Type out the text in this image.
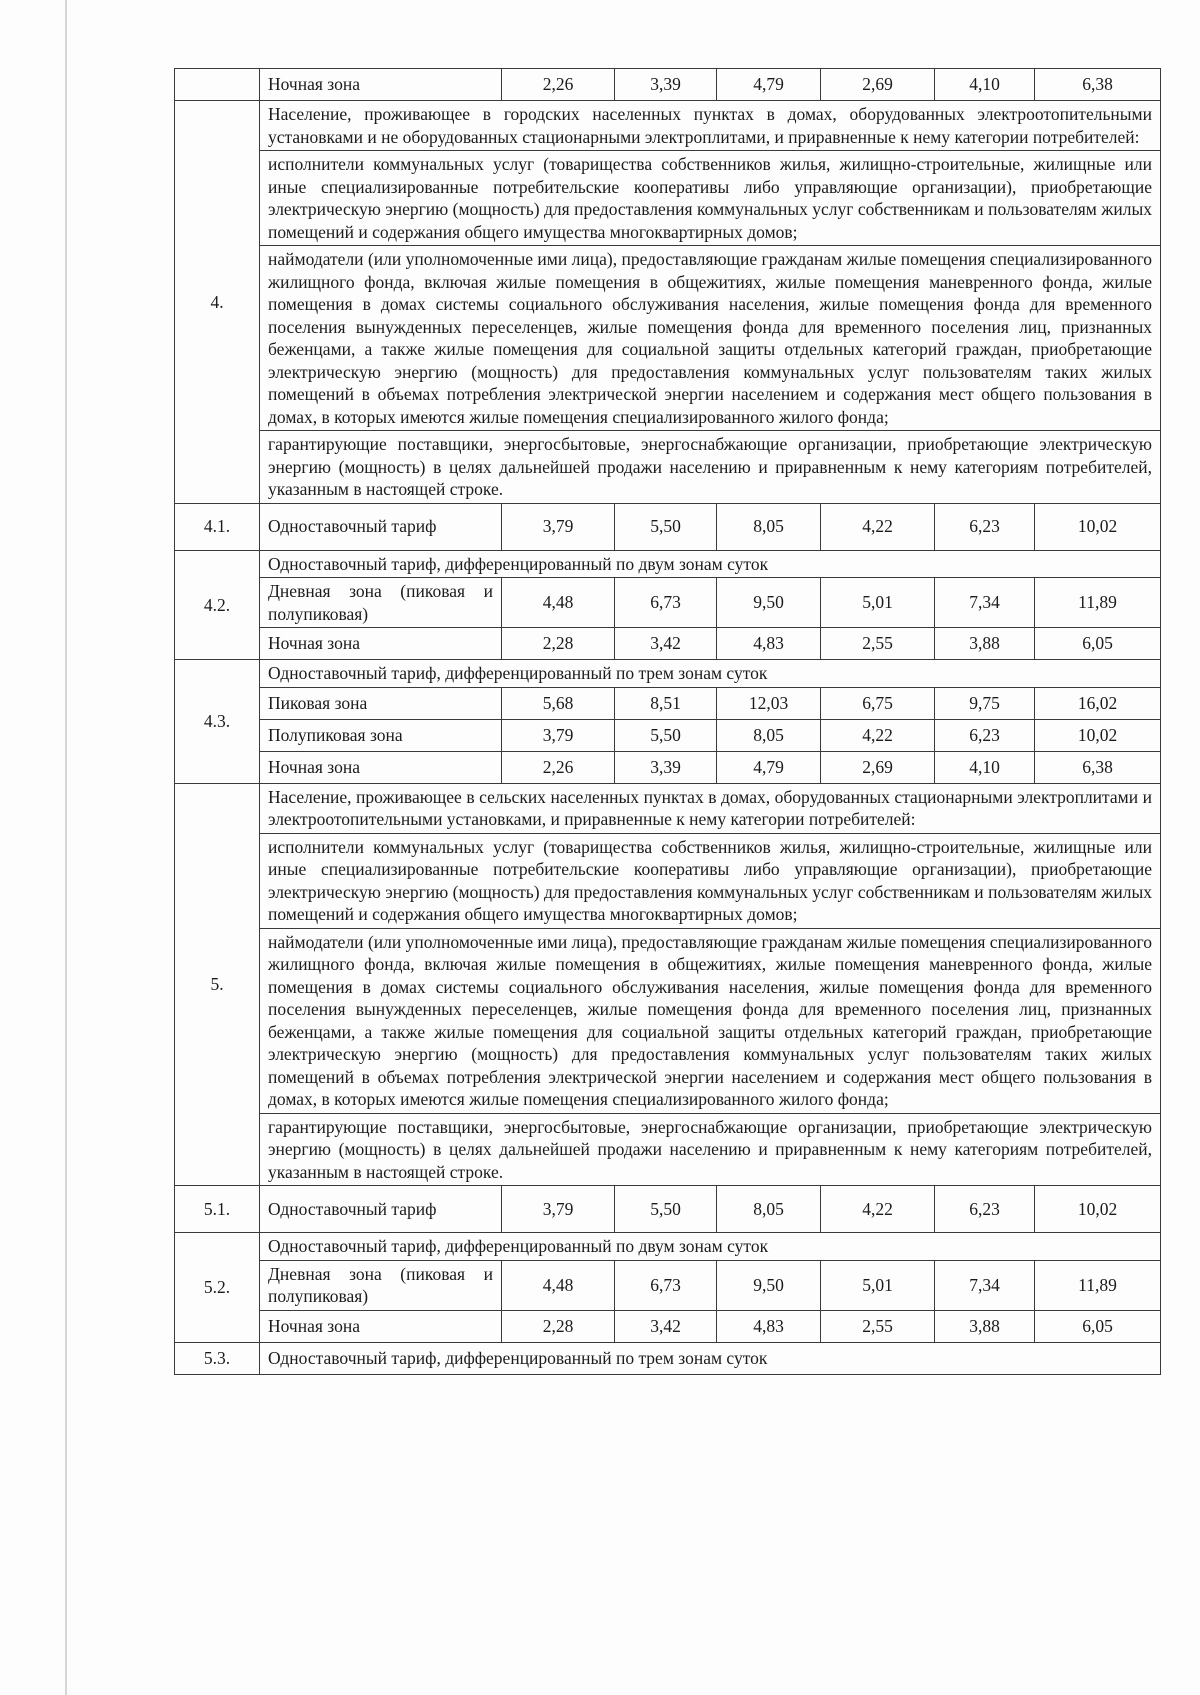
	Ночная зона	2,26	3,39	4,79	2,69	4,10	6,38
4.	Население, проживающее в городских населенных пунктах в домах, оборудованных электроотопительными установками и не оборудованных стационарными электроплитами, и приравненные к нему категории потребителей:						
	исполнители коммунальных услуг (товарищества собственников жилья, жилищно-строительные, жилищные или иные специализированные потребительские кооперативы либо управляющие организации), приобретающие электрическую энергию (мощность) для предоставления коммунальных услуг собственникам и пользователям жилых помещений и содержания общего имущества многоквартирных домов;						
	наймодатели (или уполномоченные ими лица), предоставляющие гражданам жилые помещения специализированного жилищного фонда, включая жилые помещения в общежитиях, жилые помещения маневренного фонда, жилые помещения в домах системы социального обслуживания населения, жилые помещения фонда для временного поселения вынужденных переселенцев, жилые помещения фонда для временного поселения лиц, признанных беженцами, а также жилые помещения для социальной защиты отдельных категорий граждан, приобретающие электрическую энергию (мощность) для предоставления коммунальных услуг пользователям таких жилых помещений в объемах потребления электрической энергии населением и содержания мест общего пользования в домах, в которых имеются жилые помещения специализированного жилого фонда;						
	гарантирующие поставщики, энергосбытовые, энергоснабжающие организации, приобретающие электрическую энергию (мощность) в целях дальнейшей продажи населению и приравненным к нему категориям потребителей, указанным в настоящей строке.						
4.1.	Одноставочный тариф	3,79	5,50	8,05	4,22	6,23	10,02
4.2.	Одноставочный тариф, дифференцированный по двум зонам суток						
	Дневная зона (пиковая и полупиковая)	4,48	6,73	9,50	5,01	7,34	11,89
	Ночная зона	2,28	3,42	4,83	2,55	3,88	6,05
4.3.	Одноставочный тариф, дифференцированный по трем зонам суток						
	Пиковая зона	5,68	8,51	12,03	6,75	9,75	16,02
	Полупиковая зона	3,79	5,50	8,05	4,22	6,23	10,02
	Ночная зона	2,26	3,39	4,79	2,69	4,10	6,38
5.	Население, проживающее в сельских населенных пунктах в домах, оборудованных стационарными электроплитами и электроотопительными установками, и приравненные к нему категории потребителей:						
	исполнители коммунальных услуг (товарищества собственников жилья, жилищно-строительные, жилищные или иные специализированные потребительские кооперативы либо управляющие организации), приобретающие электрическую энергию (мощность) для предоставления коммунальных услуг собственникам и пользователям жилых помещений и содержания общего имущества многоквартирных домов;						
	наймодатели (или уполномоченные ими лица), предоставляющие гражданам жилые помещения специализированного жилищного фонда, включая жилые помещения в общежитиях, жилые помещения маневренного фонда, жилые помещения в домах системы социального обслуживания населения, жилые помещения фонда для временного поселения вынужденных переселенцев, жилые помещения фонда для временного поселения лиц, признанных беженцами, а также жилые помещения для социальной защиты отдельных категорий граждан, приобретающие электрическую энергию (мощность) для предоставления коммунальных услуг пользователям таких жилых помещений в объемах потребления электрической энергии населением и содержания мест общего пользования в домах, в которых имеются жилые помещения специализированного жилого фонда;						
	гарантирующие поставщики, энергосбытовые, энергоснабжающие организации, приобретающие электрическую энергию (мощность) в целях дальнейшей продажи населению и приравненным к нему категориям потребителей, указанным в настоящей строке.						
5.1.	Одноставочный тариф	3,79	5,50	8,05	4,22	6,23	10,02
5.2.	Одноставочный тариф, дифференцированный по двум зонам суток						
	Дневная зона (пиковая и полупиковая)	4,48	6,73	9,50	5,01	7,34	11,89
	Ночная зона	2,28	3,42	4,83	2,55	3,88	6,05
5.3.	Одноставочный тариф, дифференцированный по трем зонам суток						
